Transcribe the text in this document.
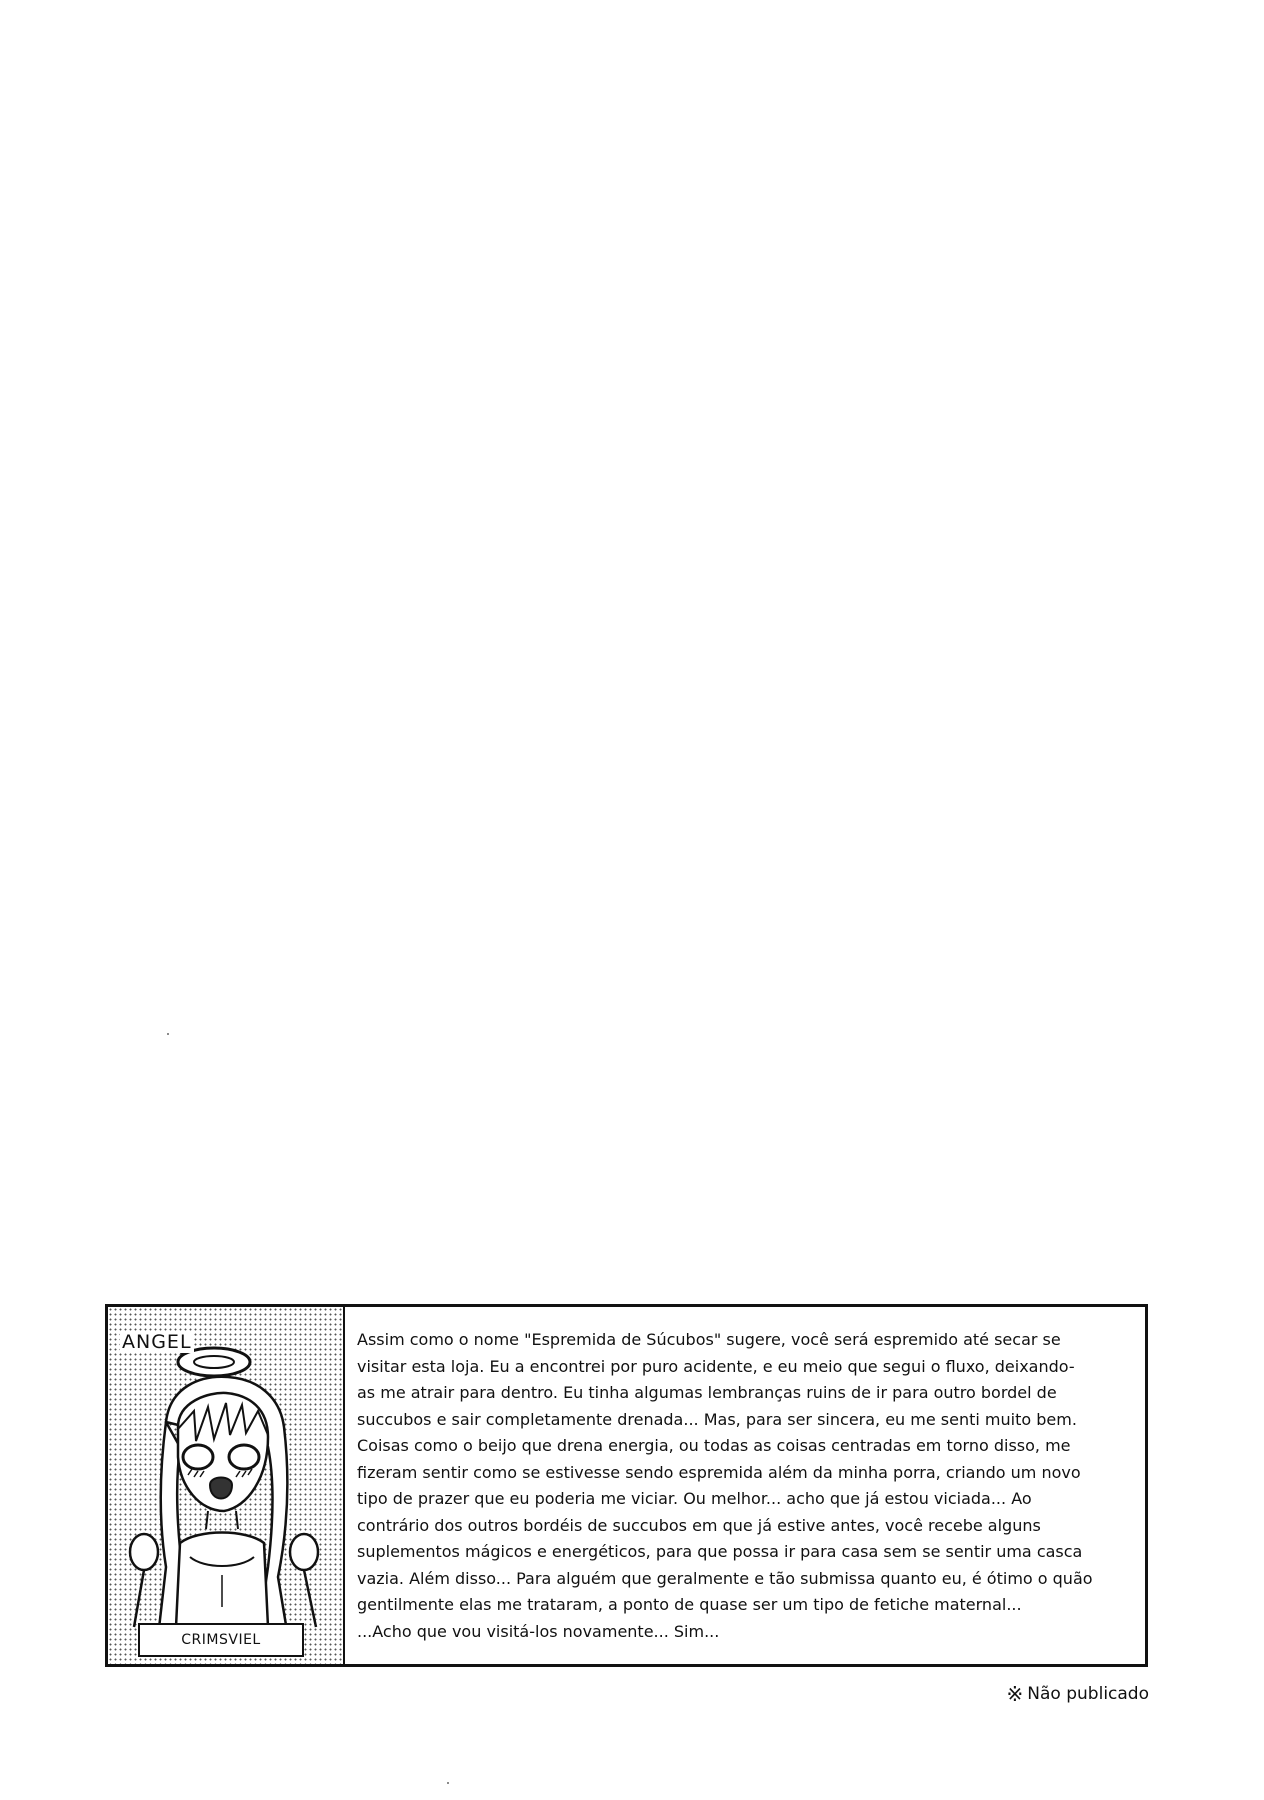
ANGEL
CRIMSVIEL

Assim como o nome "Espremida de Súcubos" sugere, você será espremido até secar se
visitar esta loja. Eu a encontrei por puro acidente, e eu meio que segui o fluxo, deixando-
as me atrair para dentro. Eu tinha algumas lembranças ruins de ir para outro bordel de
succubos e sair completamente drenada... Mas, para ser sincera, eu me senti muito bem.
Coisas como o beijo que drena energia, ou todas as coisas centradas em torno disso, me
fizeram sentir como se estivesse sendo espremida além da minha porra, criando um novo
tipo de prazer que eu poderia me viciar. Ou melhor... acho que já estou viciada... Ao
contrário dos outros bordéis de succubos em que já estive antes, você recebe alguns
suplementos mágicos e energéticos, para que possa ir para casa sem se sentir uma casca
vazia. Além disso... Para alguém que geralmente e tão submissa quanto eu, é ótimo o quão
gentilmente elas me trataram, a ponto de quase ser um tipo de fetiche maternal...
...Acho que vou visitá-los novamente... Sim...

※ Não publicado
